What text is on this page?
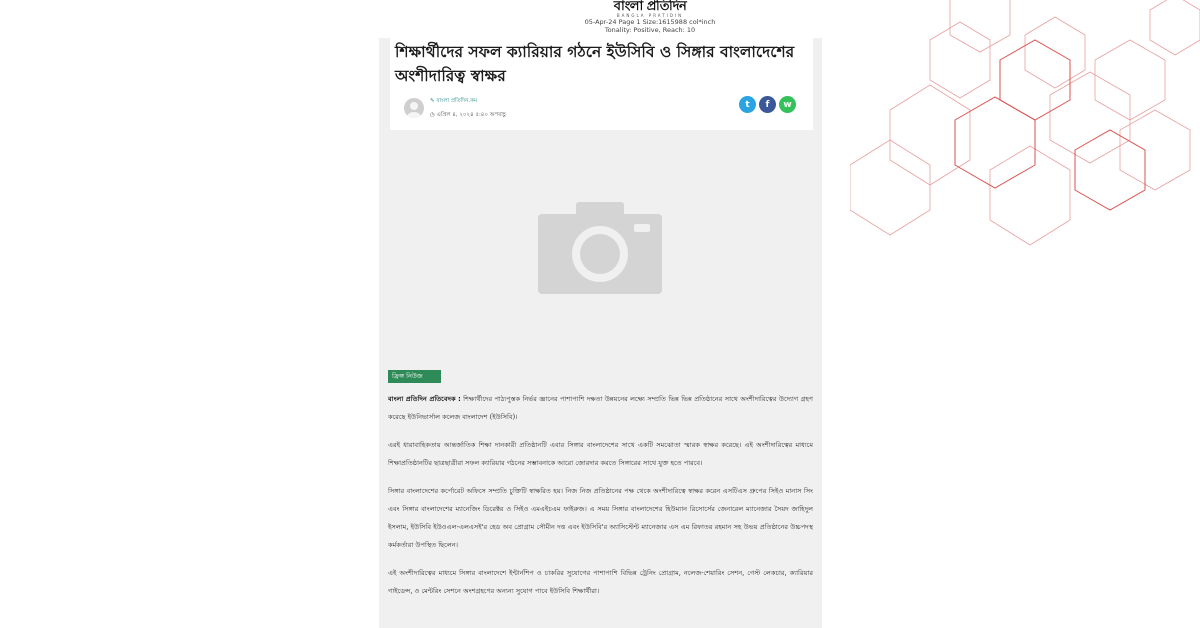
বাংলা প্রতিদিন
BANGLA PRATIDIN
05-Apr-24 Page 1 Size:1615988 col*inch
Tonality: Positive, Reach: 10
শিক্ষার্থীদের সফল ক্যারিয়ার গঠনে ইউসিবি ও সিঙ্গার বাংলাদেশের অংশীদারিত্ব স্বাক্ষর
✎ বাংলা প্রতিদিন.কম
◷ এপ্রিল ৪, ২০২৪ ৫:৪০ অপরাহ্ণ
t	f	w
ফ্রিঙ্গ নিউজ

বাংলা প্রতিদিন প্রতিবেদক : শিক্ষার্থীদের পাঠ্যপুস্তক নির্ভর জ্ঞানের পাশাপাশি দক্ষতা উন্নয়নের লক্ষ্যে সম্প্রতি ভিন্ন ভিন্ন প্রতিষ্ঠানের সাথে অংশীদারিত্বের উদ্যোগ গ্রহণ করেছে ইউনিভার্সাল কলেজ বাংলাদেশ (ইউসিবি)।

এরই ধারাবাহিকতায় আন্তর্জাতিক শিক্ষা দানকারী প্রতিষ্ঠানটি এবার সিঙ্গার বাংলাদেশের সাথে একটি সমঝোতা স্মারক স্বাক্ষর করেছে। এই অংশীদারিত্বের মাধ্যমে শিক্ষাপ্রতিষ্ঠানটির ছাত্রছাত্রীরা সফল ক্যারিয়ার গঠনের সম্ভাবনাকে আরো জোরদার করতে সিঙ্গারের সাথে যুক্ত হতে পারবে।

সিঙ্গার বাংলাদেশের কর্পোরেট অফিসে সম্প্রতি চুক্তিটি স্বাক্ষরিত হয়। নিজ নিজ প্রতিষ্ঠানের পক্ষ থেকে অংশীদারিত্বে স্বাক্ষর করেন এসটিএস গ্রুপের সিইও মানাস সিং এবং সিঙ্গার বাংলাদেশের ম্যানেজিং ডিরেক্টর ও সিইও এমএইচএম ফাইরুজ। এ সময় সিঙ্গার বাংলাদেশের হিউম্যান রিসোর্সের জেনারেল ম্যানেজার সৈয়দ জাহিদুল ইসলাম, ইউসিবি ইউওএল-এলএসই'র হেড অব প্রোগ্রাম সৌমীন দত্ত এবং ইউসিবি'র অ্যাসিস্টেন্ট ম্যানেজার এস এম রিফাতর রহমান সহ উভয় প্রতিষ্ঠানের উচ্চপদস্থ কর্মকর্তারা উপস্থিত ছিলেন।

এই অংশীদারিত্বের মাধ্যমে সিঙ্গার বাংলাদেশে ইন্টার্নশিপ ও চাকরির সুযোগের পাশাপাশি বিভিন্ন ট্রেনিং প্রোগ্রাম, নলেজ-শেয়ারিং সেশন, গেস্ট লেকচার, ক্যারিয়ার গাইডেন্স, ও মেন্টরিং সেশনে অংশগ্রহণের অন্যন্য সুযোগ পাবে ইউসিবি শিক্ষার্থীরা।
